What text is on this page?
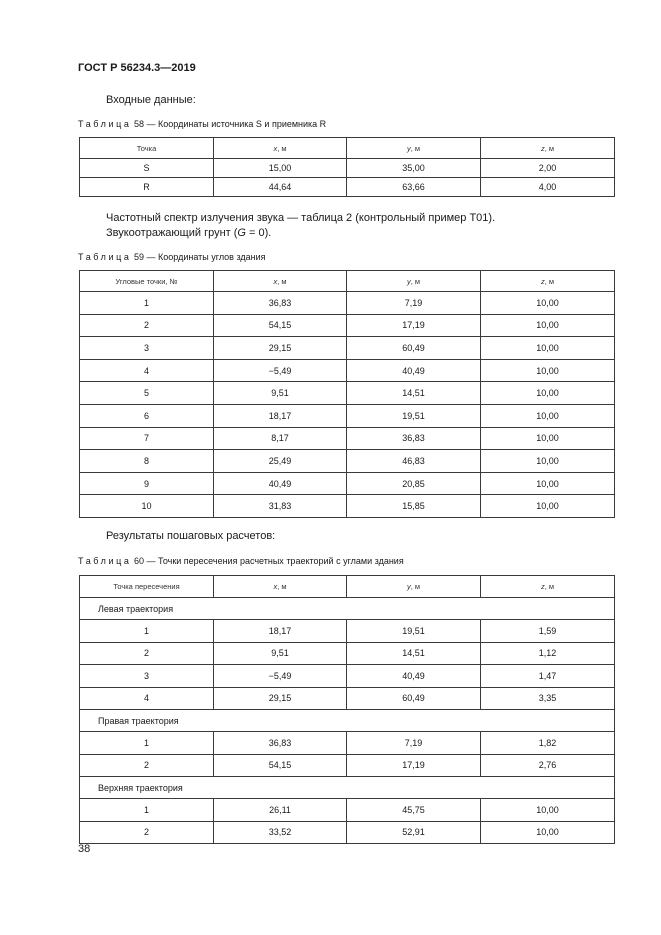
ГОСТ Р 56234.3—2019
Входные данные:
Таблица 58 — Координаты источника S и приемника R
Точка	x, м	y, м	z, м
S	15,00	35,00	2,00
R	44,64	63,66	4,00
Частотный спектр излучения звука — таблица 2 (контрольный пример Т01).
Звукоотражающий грунт (G = 0).
Таблица 59 — Координаты углов здания
Угловые точки, №	x, м	y, м	z, м
1	36,83	7,19	10,00
2	54,15	17,19	10,00
3	29,15	60,49	10,00
4	−5,49	40,49	10,00
5	9,51	14,51	10,00
6	18,17	19,51	10,00
7	8,17	36,83	10,00
8	25,49	46,83	10,00
9	40,49	20,85	10,00
10	31,83	15,85	10,00
Результаты пошаговых расчетов:
Таблица 60 — Точки пересечения расчетных траекторий с углами здания
Точка пересечения	x, м	y, м	z, м
Левая траектория			
1	18,17	19,51	1,59
2	9,51	14,51	1,12
3	−5,49	40,49	1,47
4	29,15	60,49	3,35
Правая траектория			
1	36,83	7,19	1,82
2	54,15	17,19	2,76
Верхняя траектория			
1	26,11	45,75	10,00
2	33,52	52,91	10,00
38
